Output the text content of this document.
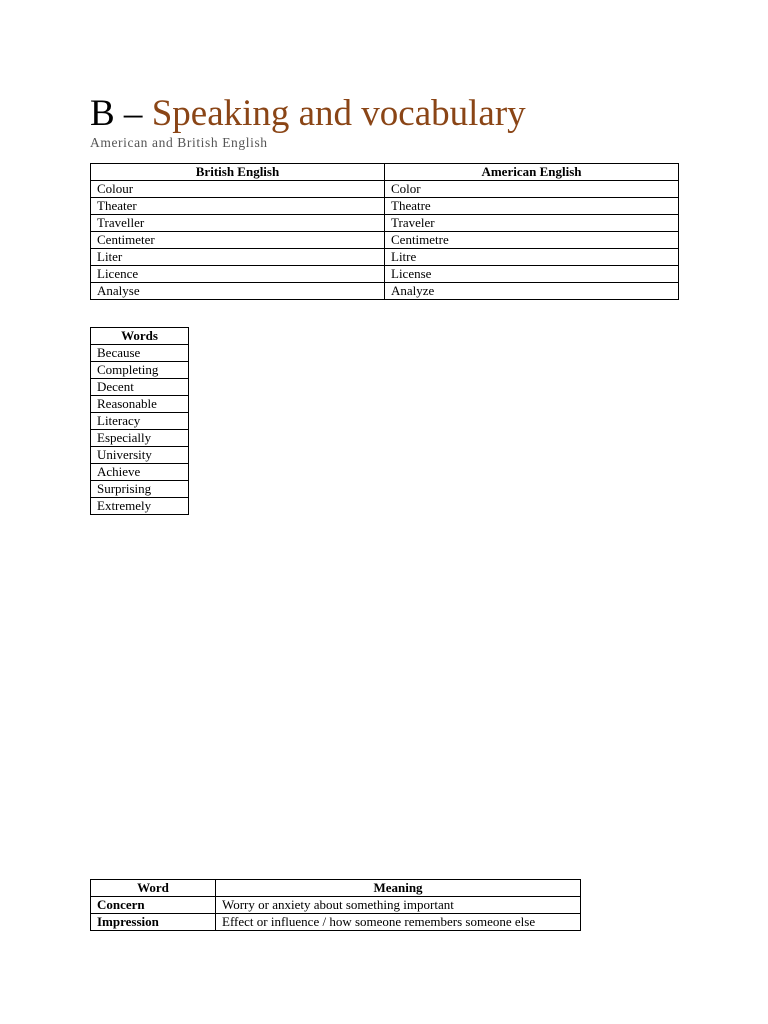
B – Speaking and vocabulary
American and British English
British English	American English
Colour	Color
Theater	Theatre
Traveller	Traveler
Centimeter	Centimetre
Liter	Litre
Licence	License
Analyse	Analyze
Words
Because
Completing
Decent
Reasonable
Literacy
Especially
University
Achieve
Surprising
Extremely
Word	Meaning
Concern	Worry or anxiety about something important
Impression	Effect or influence / how someone remembers someone else
